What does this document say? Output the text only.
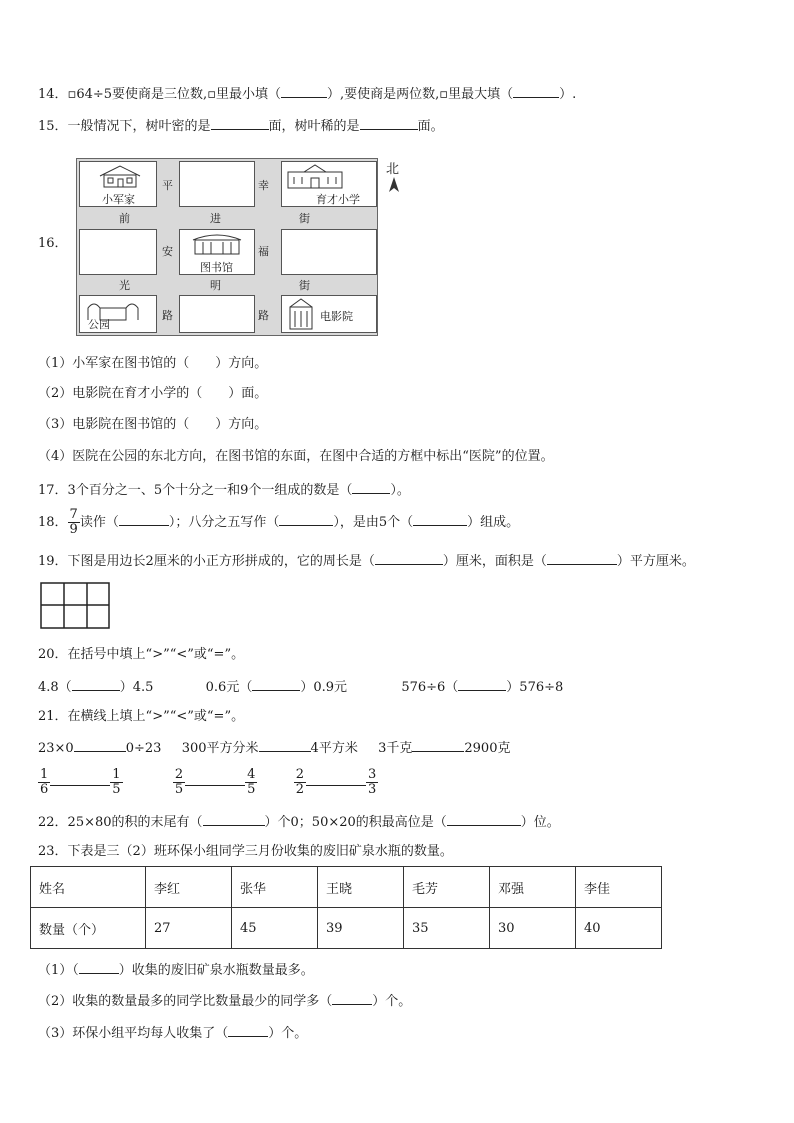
14．▫64÷5要使商是三位数,▫里最小填（	）,要使商是两位数,▫里最大填（	）.
15．一般情况下，树叶密的是	面，树叶稀的是	面。
16．
小军家	育才小学
图书馆
公园
电影院
平	幸
前	进	街
安	福
光	明	街
路	路
北
（1）小军家在图书馆的（　　）方向。
（2）电影院在育才小学的（　　）面。
（3）电影院在图书馆的（　　）方向。
（4）医院在公园的东北方向，在图书馆的东面，在图中合适的方框中标出“医院”的位置。
17．3个百分之一、5个十分之一和9个一组成的数是（	）。
18． $\frac{7}{9}$ 读作（	）；八分之五写作（	），是由5个（	）组成。
19．下图是用边长2厘米的小正方形拼成的，它的周长是（	）厘米，面积是（	）平方厘米。
20．在括号中填上“>”“<”或“=”。
4.8（	）4.5	0.6元（	）0.9元	576÷6（	）576÷8
21．在横线上填上“>”“<”或“=”。
23×0	0÷23 300平方分米	4平方米 3千克	2900克
$\frac{1}{6}$	$\frac{1}{5}$
	$\frac{2}{5}$	$\frac{4}{5}$
	$\frac{2}{2}$	$\frac{3}{3}$
22．25×80的积的末尾有（	）个0；50×20的积最高位是（	）位。
23．下表是三（2）班环保小组同学三月份收集的废旧矿泉水瓶的数量。
姓名	李红	张华	王晓	毛芳	邓强	李佳
数量（个）	27	45	39	35	30	40
（1）（	）收集的废旧矿泉水瓶数量最多。
（2）收集的数量最多的同学比数量最少的同学多（	）个。
（3）环保小组平均每人收集了（	）个。
